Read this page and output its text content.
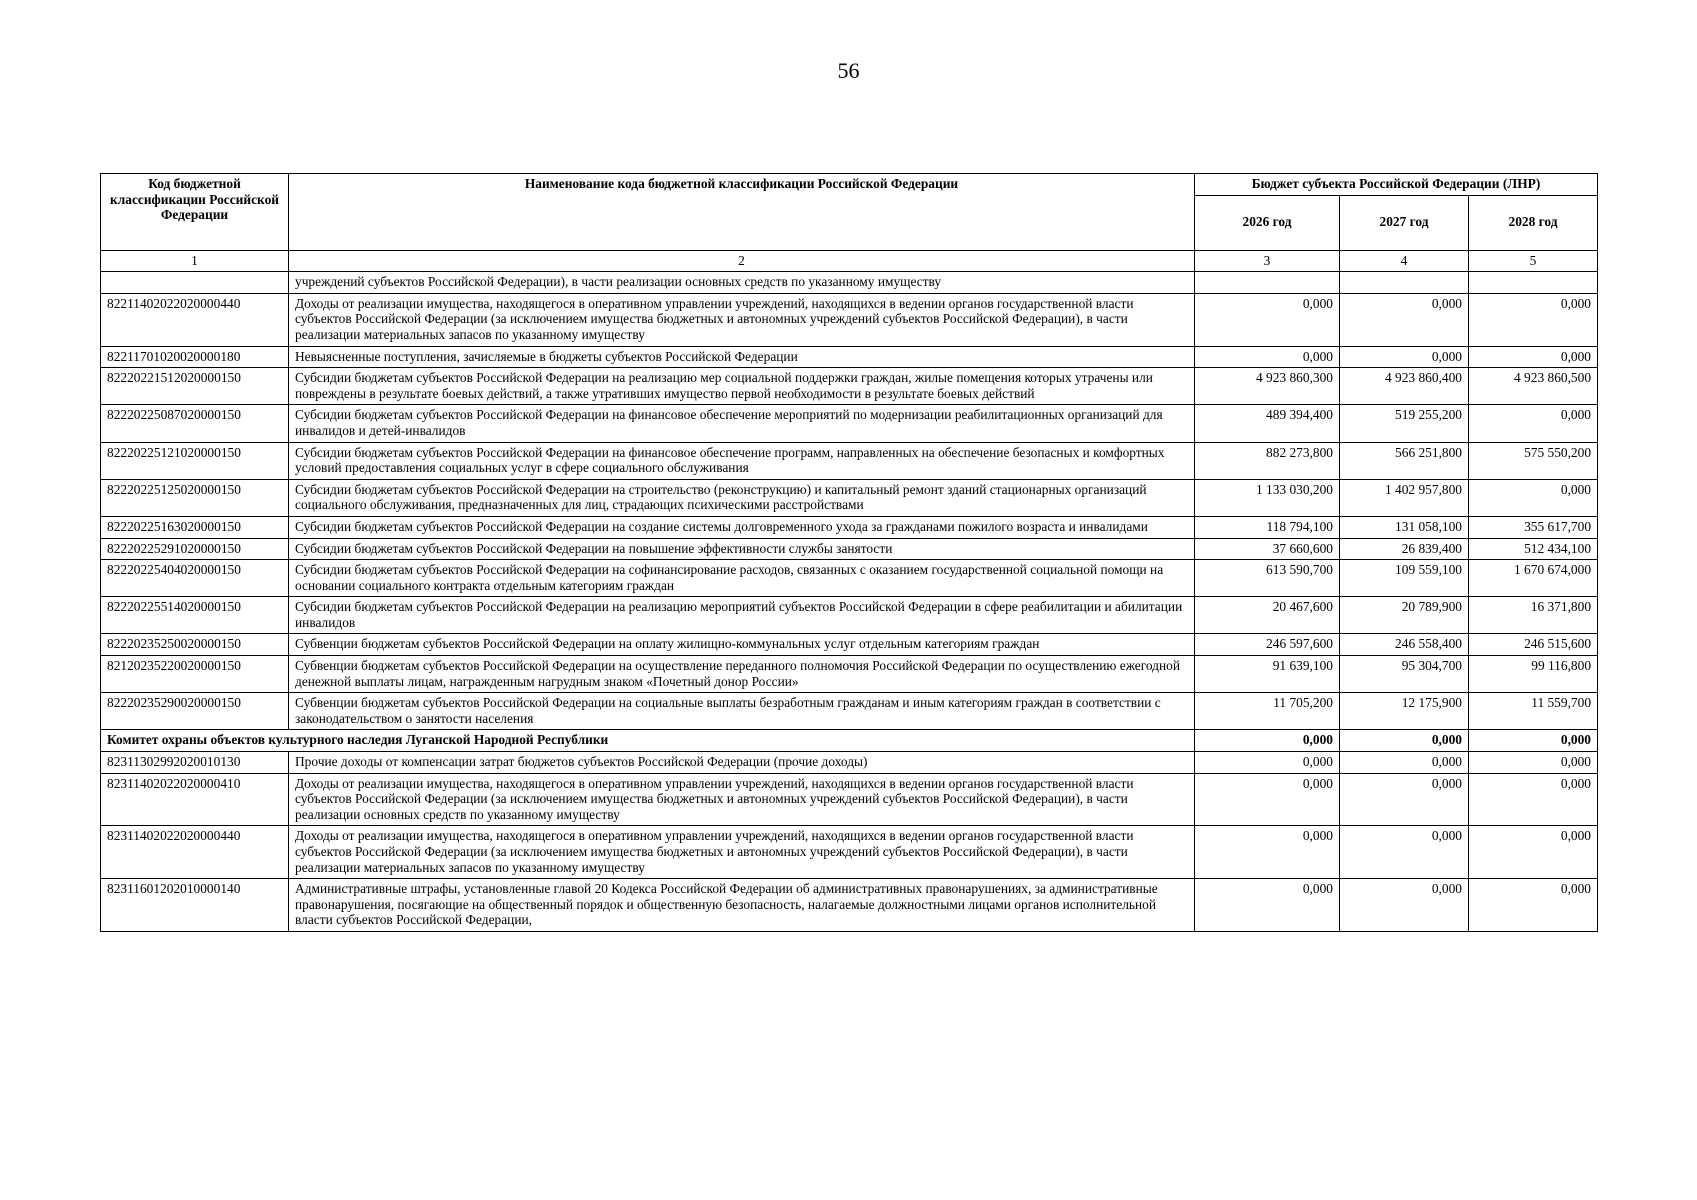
56
Код бюджетной классификации Российской Федерации	Наименование кода бюджетной классификации Российской Федерации	Бюджет субъекта Российской Федерации (ЛНР)		
		2026 год	2027 год	2028 год
1	2	3	4	5
	учреждений субъектов Российской Федерации), в части реализации основных средств по указанному имуществу			
82211402022020000440	Доходы от реализации имущества, находящегося в оперативном управлении учреждений, находящихся в ведении органов государственной власти субъектов Российской Федерации (за исключением имущества бюджетных и автономных учреждений субъектов Российской Федерации), в части реализации материальных запасов по указанному имуществу	0,000	0,000	0,000
82211701020020000180	Невыясненные поступления, зачисляемые в бюджеты субъектов Российской Федерации	0,000	0,000	0,000
82220221512020000150	Субсидии бюджетам субъектов Российской Федерации на реализацию мер социальной поддержки граждан, жилые помещения которых утрачены или повреждены в результате боевых действий, а также утративших имущество первой необходимости в результате боевых действий	4 923 860,300	4 923 860,400	4 923 860,500
82220225087020000150	Субсидии бюджетам субъектов Российской Федерации на финансовое обеспечение мероприятий по модернизации реабилитационных организаций для инвалидов и детей-инвалидов	489 394,400	519 255,200	0,000
82220225121020000150	Субсидии бюджетам субъектов Российской Федерации на финансовое обеспечение программ, направленных на обеспечение безопасных и комфортных условий предоставления социальных услуг в сфере социального обслуживания	882 273,800	566 251,800	575 550,200
82220225125020000150	Субсидии бюджетам субъектов Российской Федерации на строительство (реконструкцию) и капитальный ремонт зданий стационарных организаций социального обслуживания, предназначенных для лиц, страдающих психическими расстройствами	1 133 030,200	1 402 957,800	0,000
82220225163020000150	Субсидии бюджетам субъектов Российской Федерации на создание системы долговременного ухода за гражданами пожилого возраста и инвалидами	118 794,100	131 058,100	355 617,700
82220225291020000150	Субсидии бюджетам субъектов Российской Федерации на повышение эффективности службы занятости	37 660,600	26 839,400	512 434,100
82220225404020000150	Субсидии бюджетам субъектов Российской Федерации на софинансирование расходов, связанных с оказанием государственной социальной помощи на основании социального контракта отдельным категориям граждан	613 590,700	109 559,100	1 670 674,000
82220225514020000150	Субсидии бюджетам субъектов Российской Федерации на реализацию мероприятий субъектов Российской Федерации в сфере реабилитации и абилитации инвалидов	20 467,600	20 789,900	16 371,800
82220235250020000150	Субвенции бюджетам субъектов Российской Федерации на оплату жилищно-коммунальных услуг отдельным категориям граждан	246 597,600	246 558,400	246 515,600
82120235220020000150	Субвенции бюджетам субъектов Российской Федерации на осуществление переданного полномочия Российской Федерации по осуществлению ежегодной денежной выплаты лицам, награжденным нагрудным знаком «Почетный донор России»	91 639,100	95 304,700	99 116,800
82220235290020000150	Субвенции бюджетам субъектов Российской Федерации на социальные выплаты безработным гражданам и иным категориям граждан в соответствии с законодательством о занятости населения	11 705,200	12 175,900	11 559,700
Комитет охраны объектов культурного наследия Луганской Народной Республики		0,000	0,000	0,000
82311302992020010130	Прочие доходы от компенсации затрат бюджетов субъектов Российской Федерации (прочие доходы)	0,000	0,000	0,000
82311402022020000410	Доходы от реализации имущества, находящегося в оперативном управлении учреждений, находящихся в ведении органов государственной власти субъектов Российской Федерации (за исключением имущества бюджетных и автономных учреждений субъектов Российской Федерации), в части реализации основных средств по указанному имуществу	0,000	0,000	0,000
82311402022020000440	Доходы от реализации имущества, находящегося в оперативном управлении учреждений, находящихся в ведении органов государственной власти субъектов Российской Федерации (за исключением имущества бюджетных и автономных учреждений субъектов Российской Федерации), в части реализации материальных запасов по указанному имуществу	0,000	0,000	0,000
82311601202010000140	Административные штрафы, установленные главой 20 Кодекса Российской Федерации об административных правонарушениях, за административные правонарушения, посягающие на общественный порядок и общественную безопасность, налагаемые должностными лицами органов исполнительной власти субъектов Российской Федерации,	0,000	0,000	0,000
